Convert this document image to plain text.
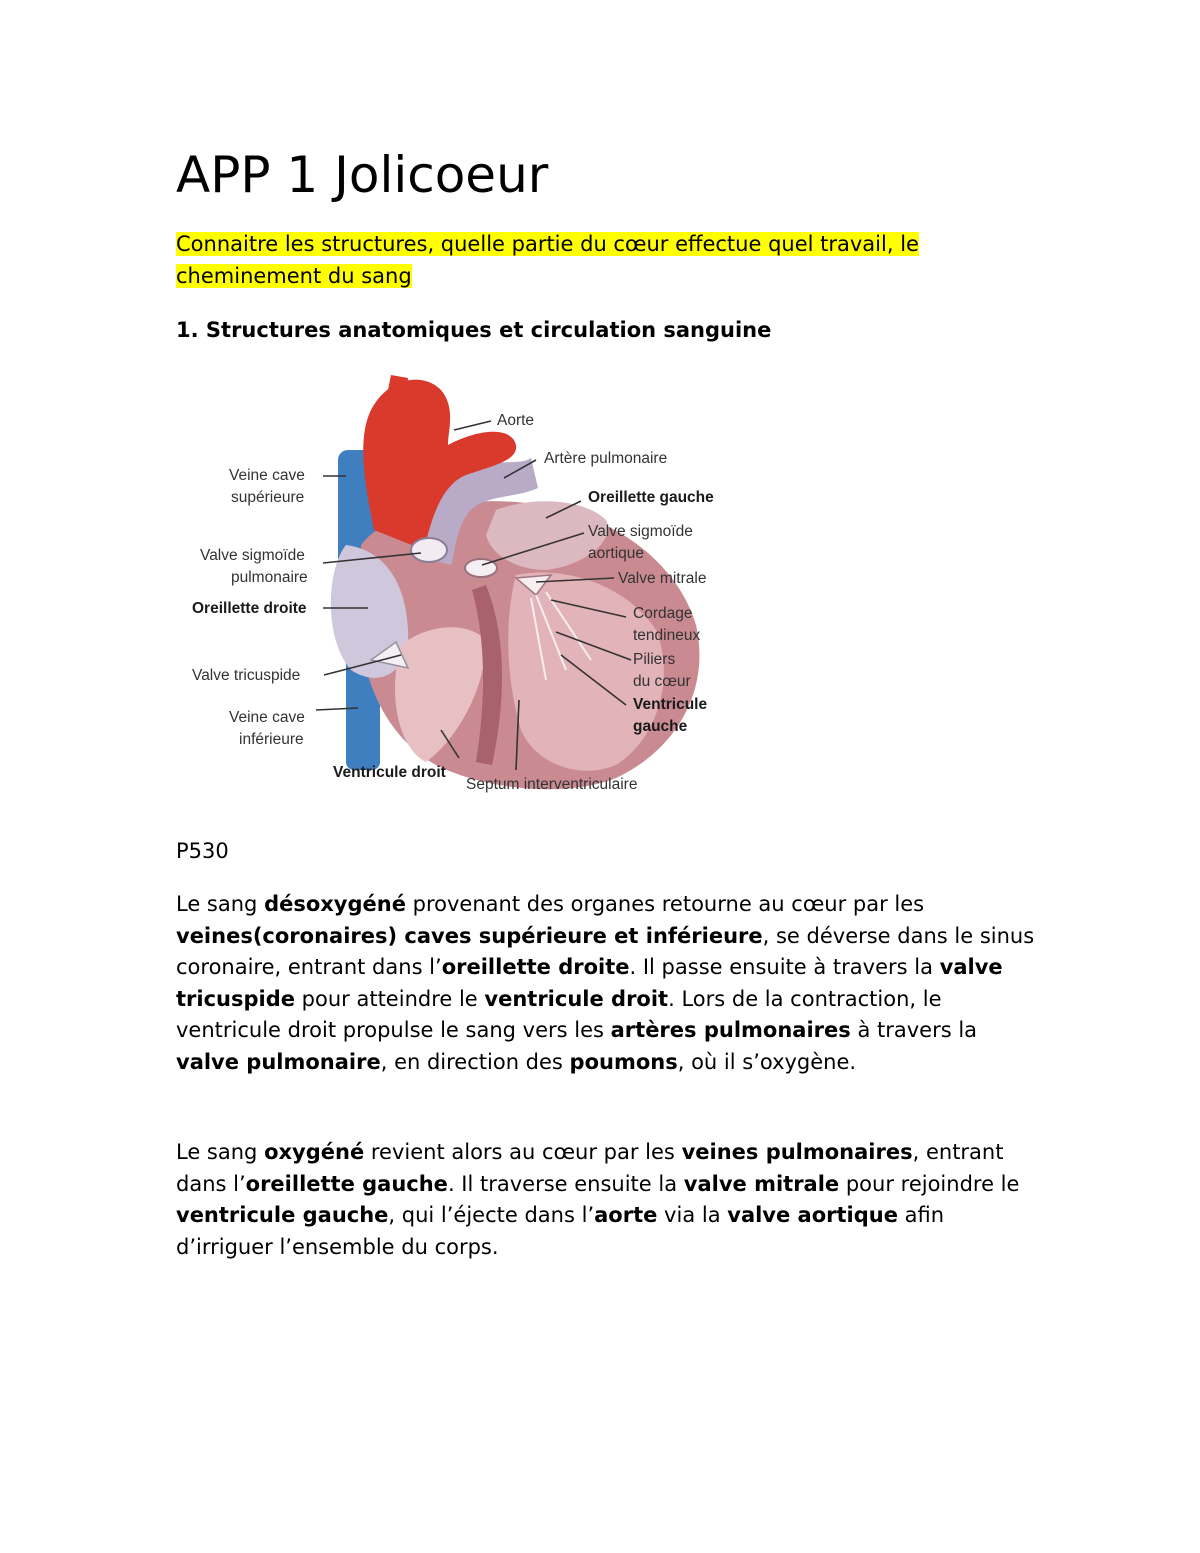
APP 1 Jolicoeur

Connaitre les structures, quelle partie du cœur effectue quel travail, le cheminement du sang

1. Structures anatomiques et circulation sanguine
Aorte
Artère pulmonaire
Oreillette gauche
Valve sigmoïde
aortique
Valve mitrale
Cordage
tendineux
Piliers
du cœur
Ventricule
gauche
Septum interventriculaire
Ventricule droit
Veine cave
inférieure
Valve tricuspide
Oreillette droite
Valve sigmoïde
pulmonaire
Veine cave
supérieure

P530

Le sang désoxygéné provenant des organes retourne au cœur par les veines(coronaires) caves supérieure et inférieure, se déverse dans le sinus coronaire, entrant dans l’oreillette droite. Il passe ensuite à travers la valve tricuspide pour atteindre le ventricule droit. Lors de la contraction, le ventricule droit propulse le sang vers les artères pulmonaires à travers la valve pulmonaire, en direction des poumons, où il s’oxygène.

Le sang oxygéné revient alors au cœur par les veines pulmonaires, entrant dans l’oreillette gauche. Il traverse ensuite la valve mitrale pour rejoindre le ventricule gauche, qui l’éjecte dans l’aorte via la valve aortique afin d’irriguer l’ensemble du corps.
